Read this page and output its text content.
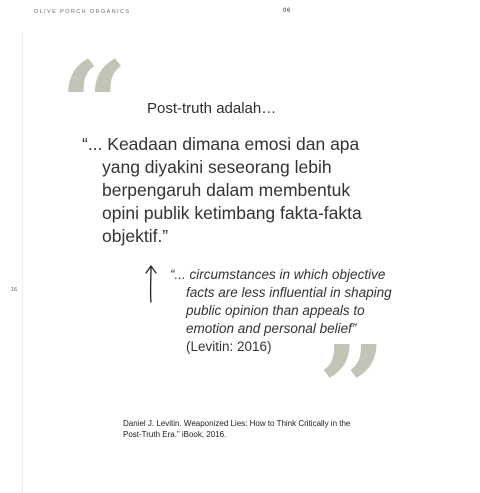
OLIVE PORCH ORGANICS	06
16
“ Post-truth adalah…
“... Keadaan dimana emosi dan apa
yang diyakini seseorang lebih
berpengaruh dalam membentuk
opini publik ketimbang fakta-fakta
objektif.”
“... circumstances in which objective
facts are less influential in shaping
public opinion than appeals to
emotion and personal belief”
(Levitin: 2016) ”
Daniel J. Levitin. Weaponized Lies: How to Think Critically in the
Post-Truth Era.” iBook, 2016.
